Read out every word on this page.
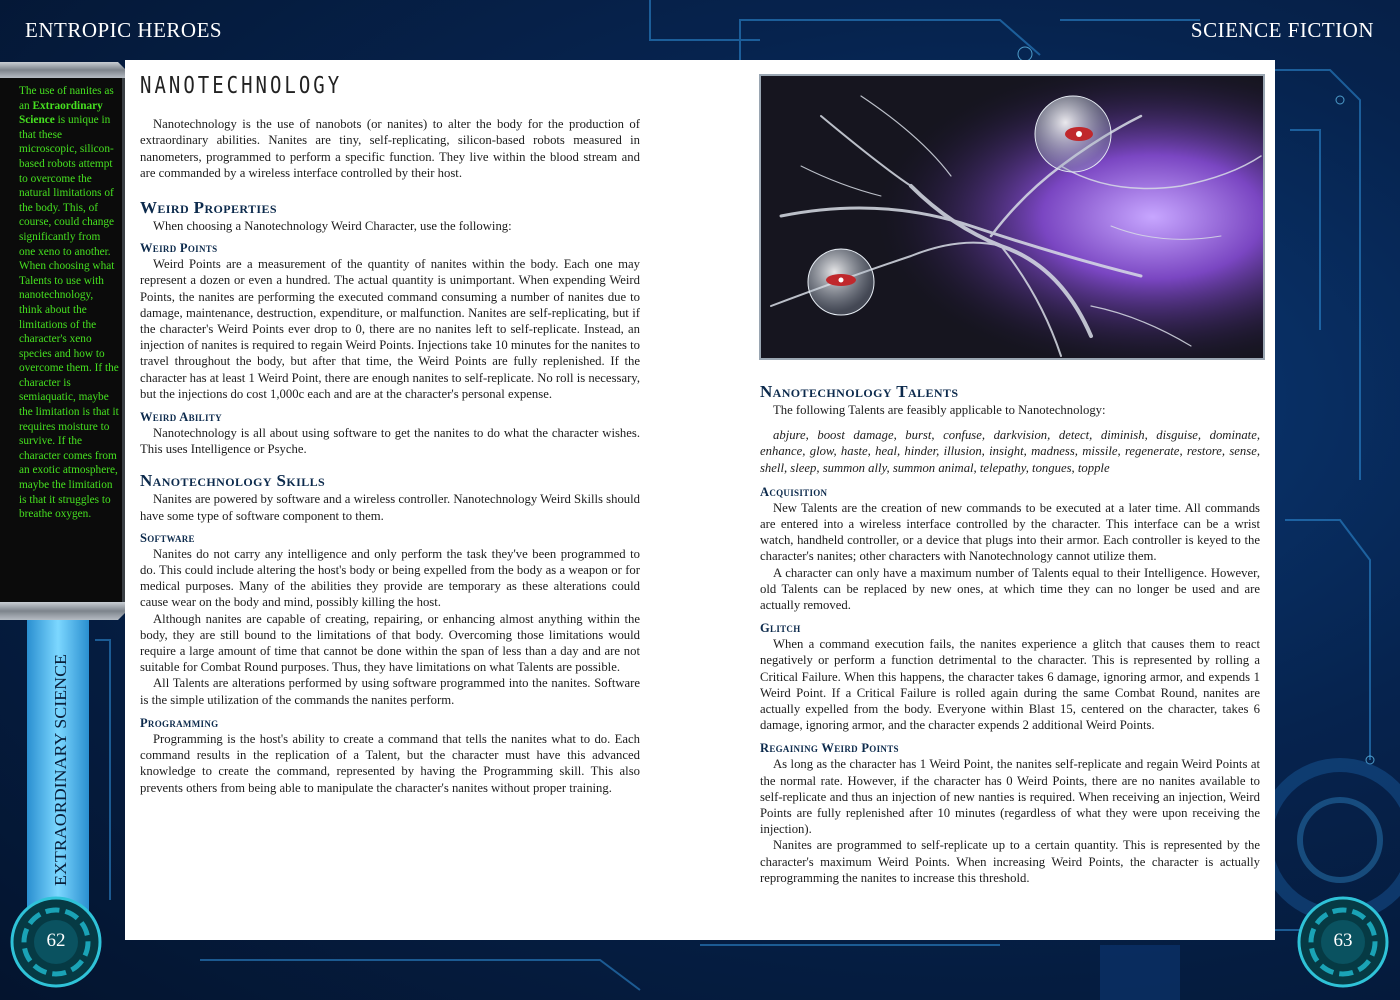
ENTROPIC HEROES	SCIENCE FICTION
The use of nanites as an Extraordinary Science is unique in that these microscopic, silicon-based robots attempt to overcome the natural limitations of the body. This, of course, could change significantly from one xeno to another. When choosing what Talents to use with nanotechnology, think about the limitations of the character's xeno species and how to overcome them. If the character is semiaquatic, maybe the limitation is that it requires moisture to survive. If the character comes from an exotic atmosphere, maybe the limitation is that it struggles to breathe oxygen.
EXTRAORDINARY SCIENCE
62	63
NANOTECHNOLOGY

Nanotechnology is the use of nanobots (or nanites) to alter the body for the production of extraordinary abilities. Nanites are tiny, self-replicating, silicon-based robots measured in nanometers, programmed to perform a specific function. They live within the blood stream and are commanded by a wireless interface controlled by their host.

Weird Properties

When choosing a Nanotechnology Weird Character, use the following:

Weird Points

Weird Points are a measurement of the quantity of nanites within the body. Each one may represent a dozen or even a hundred. The actual quantity is unimportant. When expending Weird Points, the nanites are performing the executed command consuming a number of nanites due to damage, maintenance, destruction, expenditure, or malfunction. Nanites are self-replicating, but if the character's Weird Points ever drop to 0, there are no nanites left to self-replicate. Instead, an injection of nanites is required to regain Weird Points. Injections take 10 minutes for the nanites to travel throughout the body, but after that time, the Weird Points are fully replenished. If the character has at least 1 Weird Point, there are enough nanites to self-replicate. No roll is necessary, but the injections do cost 1,000c each and are at the character's personal expense.

Weird Ability

Nanotechnology is all about using software to get the nanites to do what the character wishes. This uses Intelligence or Psyche.

Nanotechnology Skills

Nanites are powered by software and a wireless controller. Nanotechnology Weird Skills should have some type of software component to them.

Software

Nanites do not carry any intelligence and only perform the task they've been programmed to do. This could include altering the host's body or being expelled from the body as a weapon or for medical purposes. Many of the abilities they provide are temporary as these alterations could cause wear on the body and mind, possibly killing the host.

Although nanites are capable of creating, repairing, or enhancing almost anything within the body, they are still bound to the limitations of that body. Overcoming those limitations would require a large amount of time that cannot be done within the span of less than a day and are not suitable for Combat Round purposes. Thus, they have limitations on what Talents are possible.

All Talents are alterations performed by using software programmed into the nanites. Software is the simple utilization of the commands the nanites perform.

Programming

Programming is the host's ability to create a command that tells the nanites what to do. Each command results in the replication of a Talent, but the character must have this advanced knowledge to create the command, represented by having the Programming skill. This also prevents others from being able to manipulate the character's nanites without proper training.

Nanotechnology Talents

The following Talents are feasibly applicable to Nanotechnology:

abjure, boost damage, burst, confuse, darkvision, detect, diminish, disguise, dominate, enhance, glow, haste, heal, hinder, illusion, insight, madness, missile, regenerate, restore, sense, shell, sleep, summon ally, summon animal, telepathy, tongues, topple

Acquisition

New Talents are the creation of new commands to be executed at a later time. All commands are entered into a wireless interface controlled by the character. This interface can be a wrist watch, handheld controller, or a device that plugs into their armor. Each controller is keyed to the character's nanites; other characters with Nanotechnology cannot utilize them.

A character can only have a maximum number of Talents equal to their Intelligence. However, old Talents can be replaced by new ones, at which time they can no longer be used and are actually removed.

Glitch

When a command execution fails, the nanites experience a glitch that causes them to react negatively or perform a function detrimental to the character. This is represented by rolling a Critical Failure. When this happens, the character takes 6 damage, ignoring armor, and expends 1 Weird Point. If a Critical Failure is rolled again during the same Combat Round, nanites are actually expelled from the body. Everyone within Blast 15, centered on the character, takes 6 damage, ignoring armor, and the character expends 2 additional Weird Points.

Regaining Weird Points

As long as the character has 1 Weird Point, the nanites self-replicate and regain Weird Points at the normal rate. However, if the character has 0 Weird Points, there are no nanites available to self-replicate and thus an injection of new nanties is required. When receiving an injection, Weird Points are fully replenished after 10 minutes (regardless of what they were upon receiving the injection).

Nanites are programmed to self-replicate up to a certain quantity. This is represented by the character's maximum Weird Points. When increasing Weird Points, the character is actually reprogramming the nanites to increase this threshold.
